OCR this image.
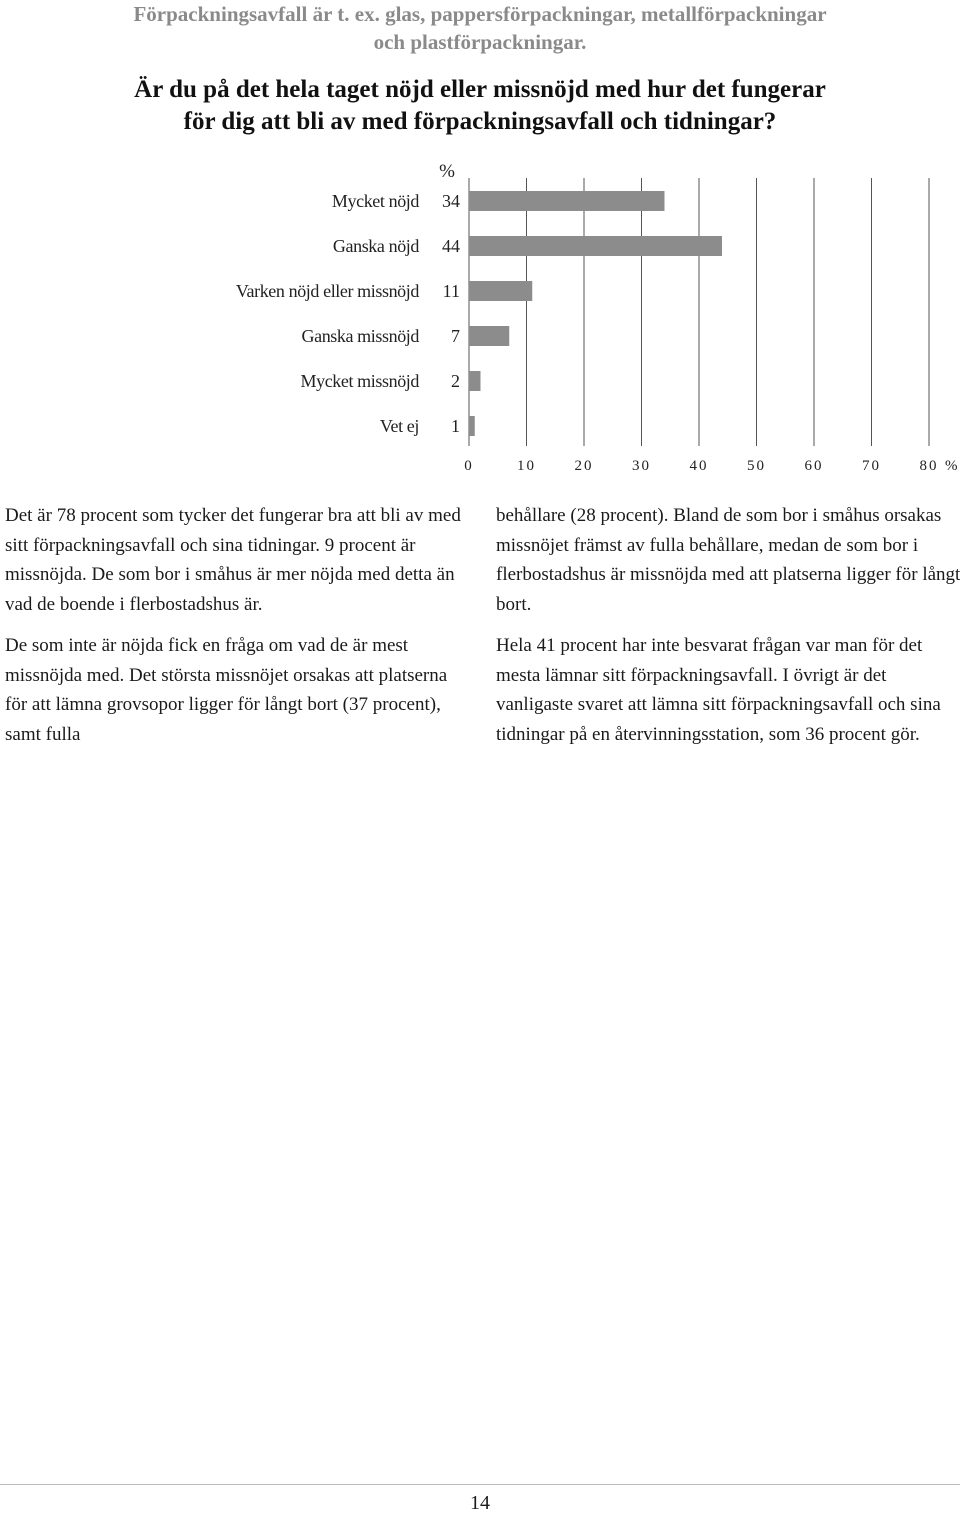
Förpackningsavfall är t. ex. glas, pappersförpackningar, metallförpackningar
och plastförpackningar.
Är du på det hela taget nöjd eller missnöjd med hur det fungerar
för dig att bli av med förpackningsavfall och tidningar?
0	10	20	30	40	50	60	70	80 %
%
Mycket nöjd 34
Ganska nöjd 44
Varken nöjd eller missnöjd 11
Ganska missnöjd 7
Mycket missnöjd 2
Vet ej 1

Det är 78 procent som tycker det fungerar bra att bli av med sitt förpackningsavfall och sina tidningar. 9 procent är missnöjda. De som bor i småhus är mer nöjda med detta än vad de boende i flerbostadshus är.

De som inte är nöjda fick en fråga om vad de är mest missnöjda med. Det största missnöjet orsakas att platserna för att lämna grovsopor ligger för långt bort (37 procent), samt fulla

behållare (28 procent). Bland de som bor i småhus orsakas missnöjet främst av fulla behållare, medan de som bor i flerbostadshus är missnöjda med att platserna ligger för långt bort.

Hela 41 procent har inte besvarat frågan var man för det mesta lämnar sitt förpackningsavfall. I övrigt är det vanligaste svaret att lämna sitt förpackningsavfall och sina tidningar på en återvinningsstation, som 36 procent gör.

14
